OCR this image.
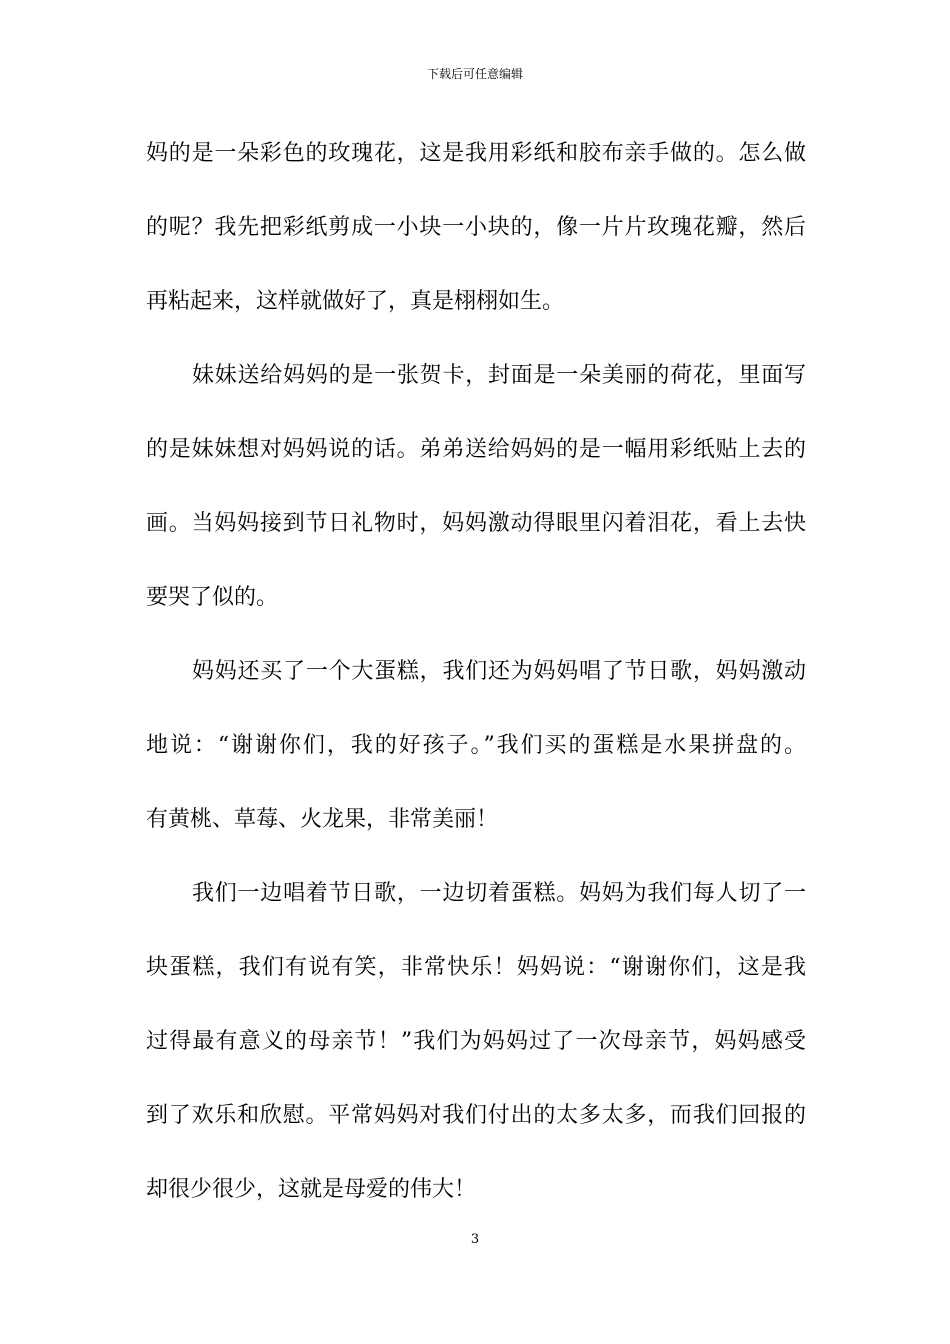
下载后可任意编辑
妈的是一朵彩色的玫瑰花，这是我用彩纸和胶布亲手做的。怎么做
的呢？我先把彩纸剪成一小块一小块的，像一片片玫瑰花瓣，然后
再粘起来，这样就做好了，真是栩栩如生。
妹妹送给妈妈的是一张贺卡，封面是一朵美丽的荷花，里面写
的是妹妹想对妈妈说的话。弟弟送给妈妈的是一幅用彩纸贴上去的
画。当妈妈接到节日礼物时，妈妈激动得眼里闪着泪花，看上去快
要哭了似的。
妈妈还买了一个大蛋糕，我们还为妈妈唱了节日歌，妈妈激动
地说：“谢谢你们，我的好孩子。”我们买的蛋糕是水果拼盘的。
有黄桃、草莓、火龙果，非常美丽！
我们一边唱着节日歌，一边切着蛋糕。妈妈为我们每人切了一
块蛋糕，我们有说有笑，非常快乐！妈妈说：“谢谢你们，这是我
过得最有意义的母亲节！”我们为妈妈过了一次母亲节，妈妈感受
到了欢乐和欣慰。平常妈妈对我们付出的太多太多，而我们回报的
却很少很少，这就是母爱的伟大！
3
